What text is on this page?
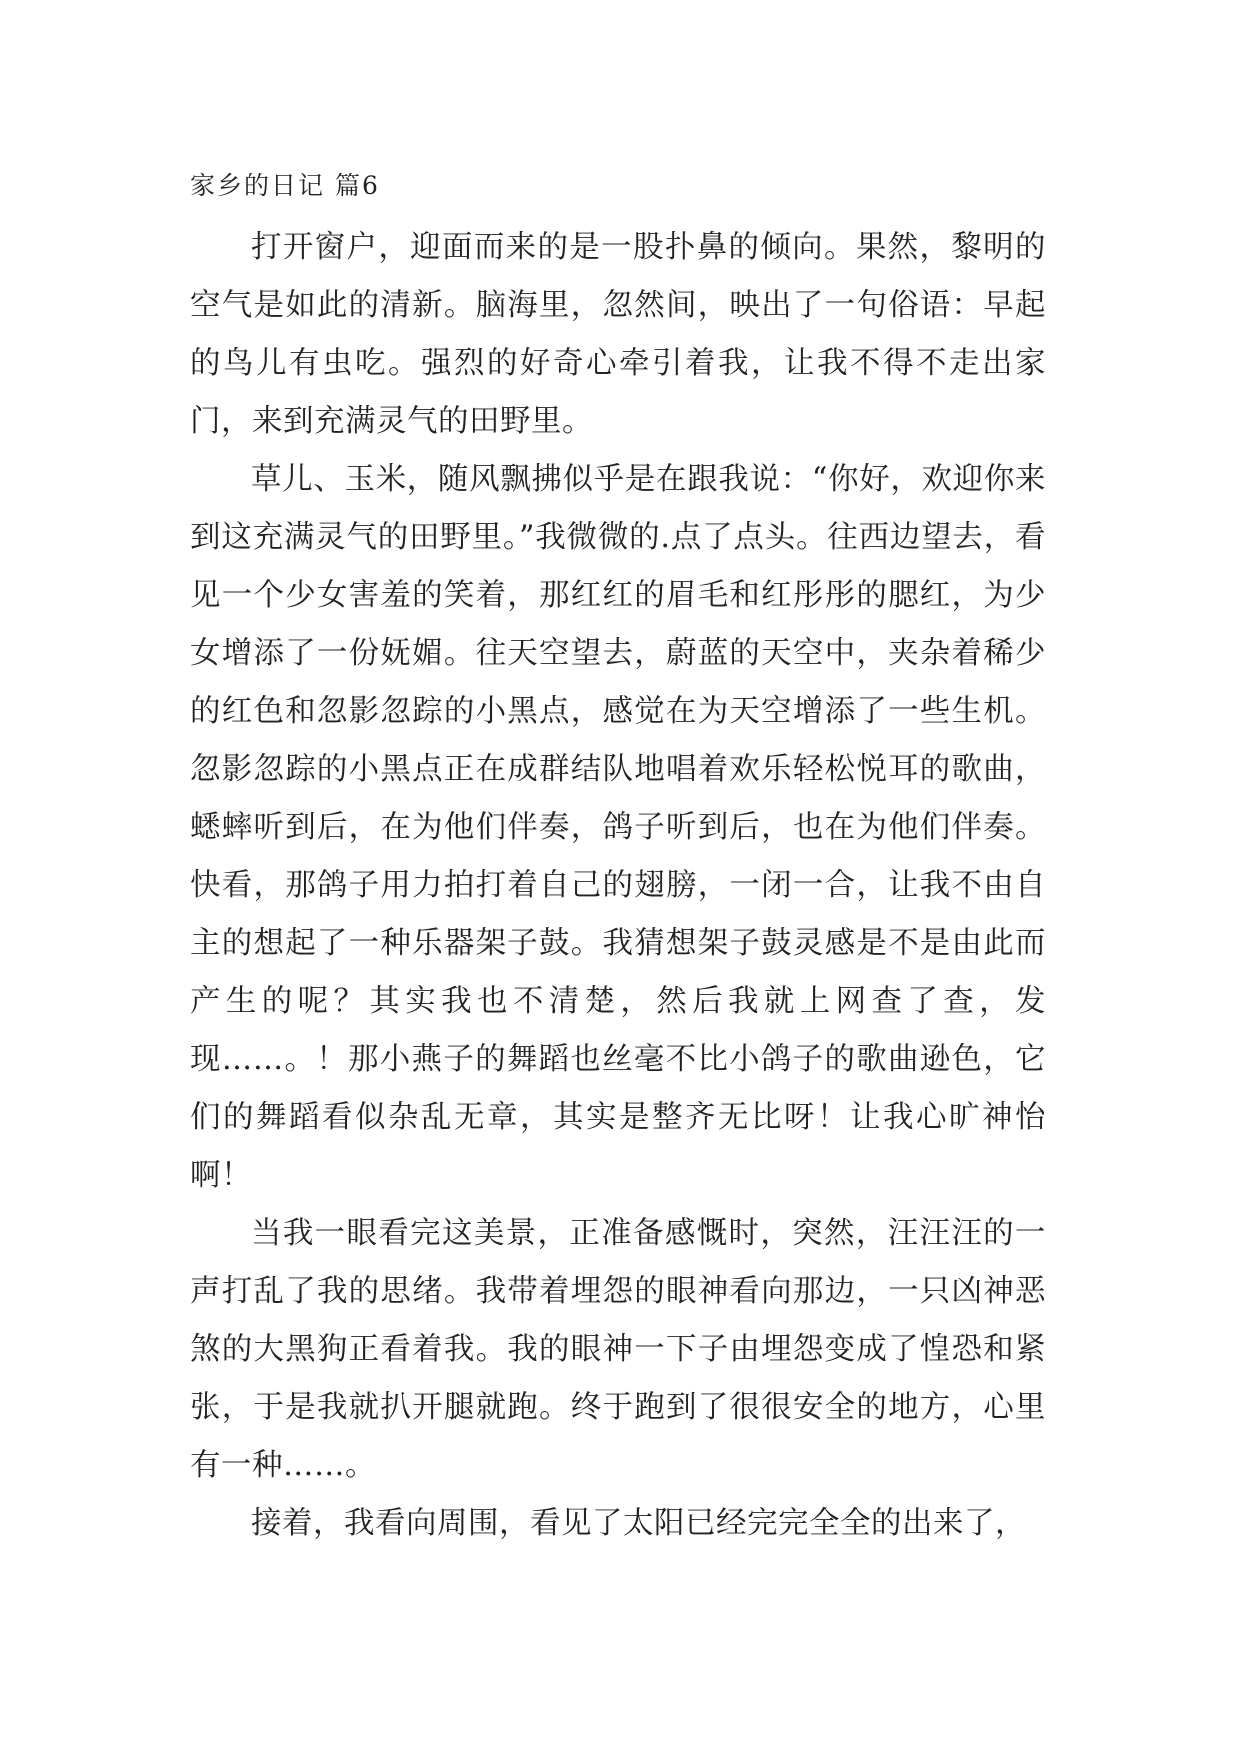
家乡的日记 篇6

打开窗户，迎面而来的是一股扑鼻的倾向。果然，黎明的空气是如此的清新。脑海里，忽然间，映出了一句俗语：早起的鸟儿有虫吃。强烈的好奇心牵引着我，让我不得不走出家门，来到充满灵气的田野里。

草儿、玉米，随风飘拂似乎是在跟我说：“你好，欢迎你来到这充满灵气的田野里。”我微微的.点了点头。往西边望去，看见一个少女害羞的笑着，那红红的眉毛和红彤彤的腮红，为少女增添了一份妩媚。往天空望去，蔚蓝的天空中，夹杂着稀少的红色和忽影忽踪的小黑点，感觉在为天空增添了一些生机。忽影忽踪的小黑点正在成群结队地唱着欢乐轻松悦耳的歌曲，蟋蟀听到后，在为他们伴奏，鸽子听到后，也在为他们伴奏。快看，那鸽子用力拍打着自己的翅膀，一闭一合，让我不由自主的想起了一种乐器架子鼓。我猜想架子鼓灵感是不是由此而产生的呢？其实我也不清楚，然后我就上网查了查，发现……。！那小燕子的舞蹈也丝毫不比小鸽子的歌曲逊色，它们的舞蹈看似杂乱无章，其实是整齐无比呀！让我心旷神怡啊！

当我一眼看完这美景，正准备感慨时，突然，汪汪汪的一声打乱了我的思绪。我带着埋怨的眼神看向那边，一只凶神恶煞的大黑狗正看着我。我的眼神一下子由埋怨变成了惶恐和紧张，于是我就扒开腿就跑。终于跑到了很很安全的地方，心里有一种……。

接着，我看向周围，看见了太阳已经完完全全的出来了，
